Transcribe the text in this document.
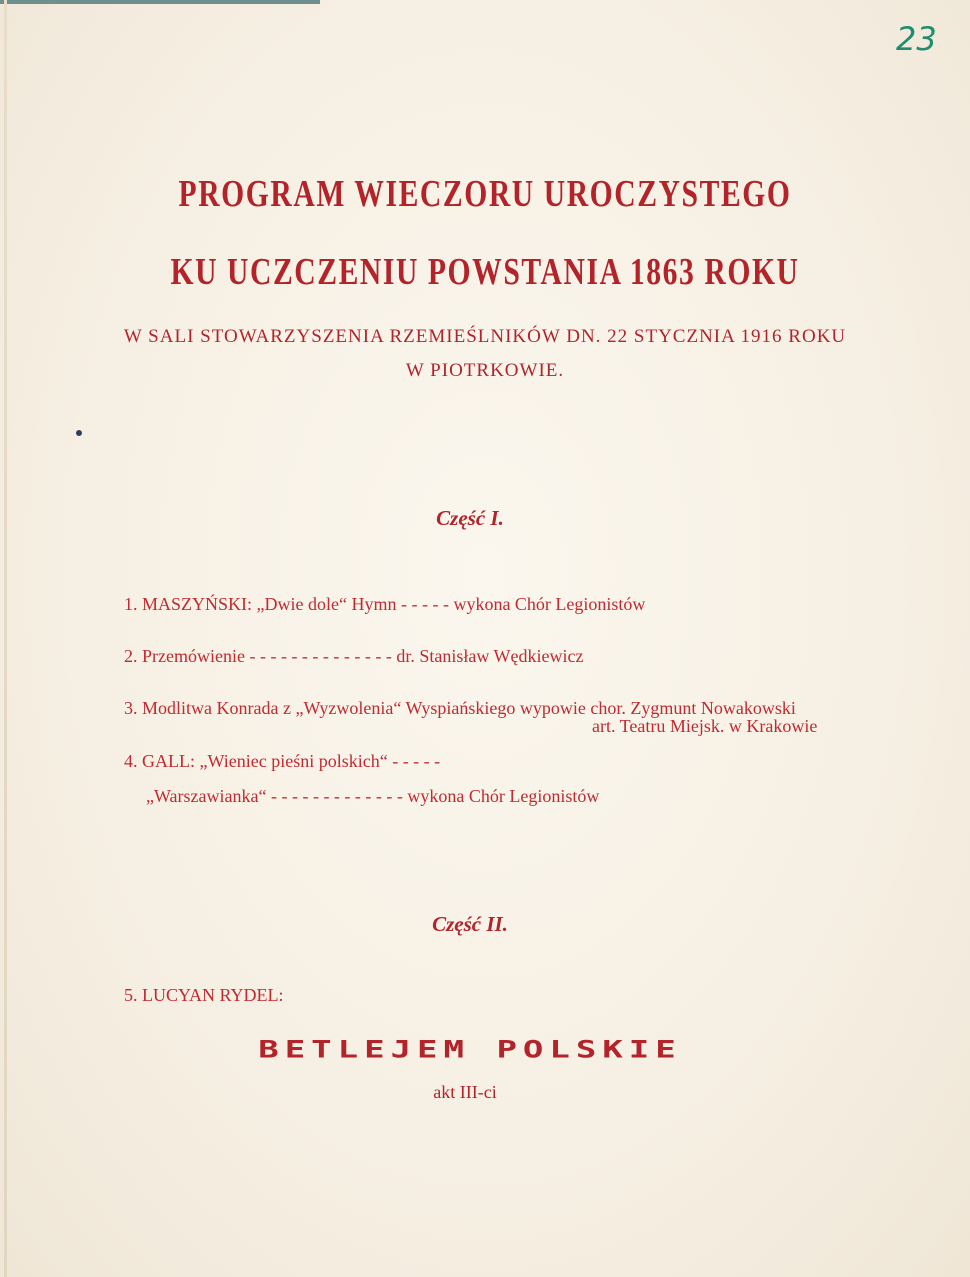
23
PROGRAM WIECZORU UROCZYSTEGO
KU UCZCZENIU POWSTANIA 1863 ROKU
W SALI STOWARZYSZENIA RZEMIEŚLNIKÓW DN. 22 STYCZNIA 1916 ROKU
W PIOTRKOWIE.
Część I.
1. MASZYŃSKI: „Dwie dole“ Hymn - - - - - wykona Chór Legionistów
2. Przemówienie - - - - - - - - - - - - - - dr. Stanisław Wędkiewicz
3. Modlitwa Konrada z „Wyzwolenia“ Wyspiańskiego wypowie chor. Zygmunt Nowakowski
art. Teatru Miejsk. w Krakowie
4. GALL: „Wieniec pieśni polskich“ - - - - -
„Warszawianka“ - - - - - - - - - - - - - wykona Chór Legionistów
Część II.
5. LUCYAN RYDEL:
BETLEJEM POLSKIE
akt III-ci
